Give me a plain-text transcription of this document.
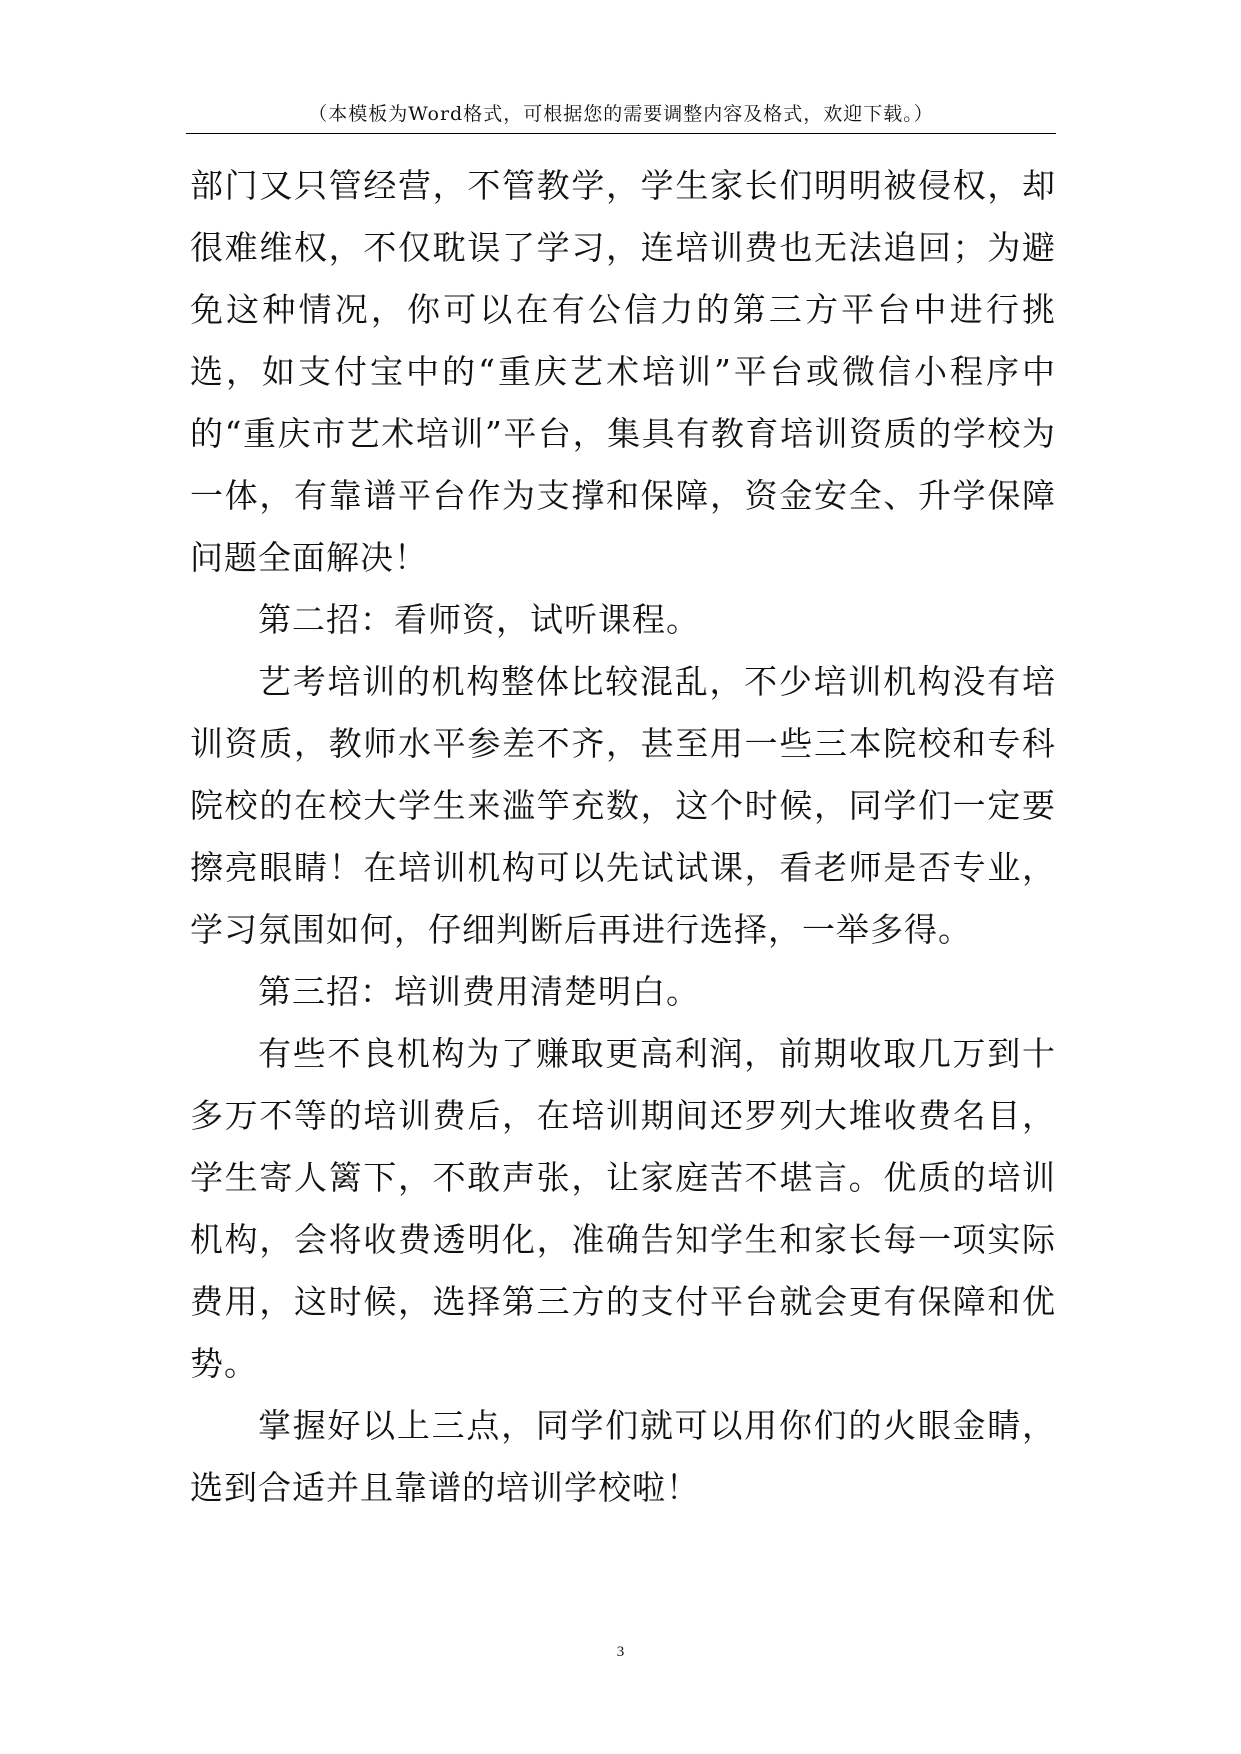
（本模板为Word格式，可根据您的需要调整内容及格式，欢迎下载。）

部门又只管经营，不管教学，学生家长们明明被侵权，却很难维权，不仅耽误了学习，连培训费也无法追回；为避免这种情况，你可以在有公信力的第三方平台中进行挑选，如支付宝中的“重庆艺术培训”平台或微信小程序中的“重庆市艺术培训”平台，集具有教育培训资质的学校为一体，有靠谱平台作为支撑和保障，资金安全、升学保障问题全面解决！

第二招：看师资，试听课程。

艺考培训的机构整体比较混乱，不少培训机构没有培训资质，教师水平参差不齐，甚至用一些三本院校和专科院校的在校大学生来滥竽充数，这个时候，同学们一定要擦亮眼睛！在培训机构可以先试试课，看老师是否专业，学习氛围如何，仔细判断后再进行选择，一举多得。

第三招：培训费用清楚明白。

有些不良机构为了赚取更高利润，前期收取几万到十多万不等的培训费后，在培训期间还罗列大堆收费名目，学生寄人篱下，不敢声张，让家庭苦不堪言。优质的培训机构，会将收费透明化，准确告知学生和家长每一项实际费用，这时候，选择第三方的支付平台就会更有保障和优势。

掌握好以上三点，同学们就可以用你们的火眼金睛，选到合适并且靠谱的培训学校啦！

3
